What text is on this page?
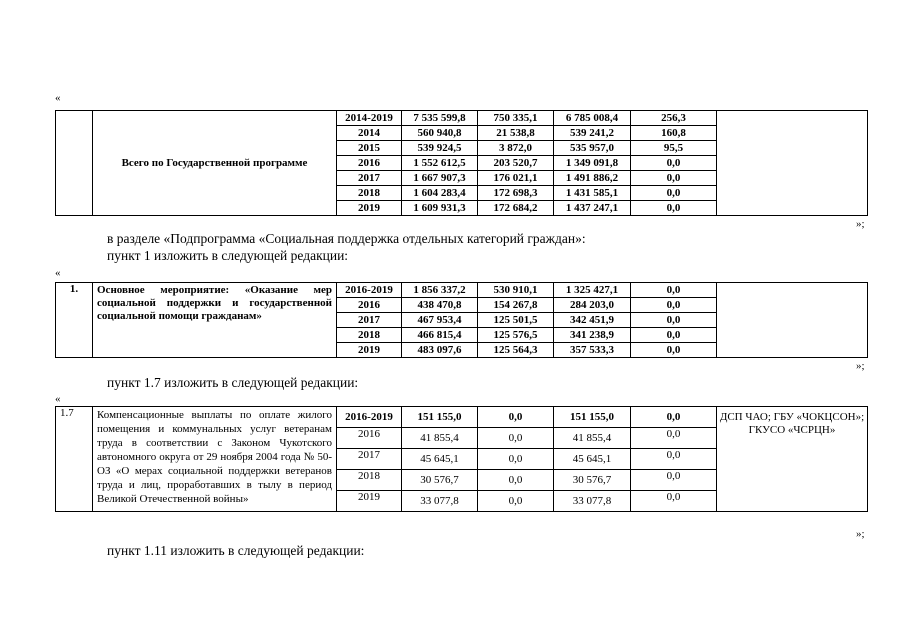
«
	Всего по Государственной программе	2014-2019	7 535 599,8	750 335,1	6 785 008,4	256,3	
		2014	560 940,8	21 538,8	539 241,2	160,8	
		2015	539 924,5	3 872,0	535 957,0	95,5	
		2016	1 552 612,5	203 520,7	1 349 091,8	0,0	
		2017	1 667 907,3	176 021,1	1 491 886,2	0,0	
		2018	1 604 283,4	172 698,3	1 431 585,1	0,0	
		2019	1 609 931,3	172 684,2	1 437 247,1	0,0	
»;
в разделе «Подпрограмма «Социальная поддержка отдельных категорий граждан»:
пункт 1 изложить в следующей редакции:
«
1.	Основное мероприятие: «Оказание мер социальной поддержки и государственной социальной помощи гражданам»	2016-2019	1 856 337,2	530 910,1	1 325 427,1	0,0	
		2016	438 470,8	154 267,8	284 203,0	0,0	
		2017	467 953,4	125 501,5	342 451,9	0,0	
		2018	466 815,4	125 576,5	341 238,9	0,0	
		2019	483 097,6	125 564,3	357 533,3	0,0	
»;
пункт 1.7 изложить в следующей редакции:
«
1.7	Компенсационные выплаты по оплате жилого помещения и коммунальных услуг ветеранам труда в соответствии с Законом Чукотского автономного округа от 29 ноября 2004 года № 50-ОЗ «О мерах социальной поддержки ветеранов труда и лиц, проработавших в тылу в период Великой Отечественной войны»	2016-2019	151 155,0	0,0	151 155,0	0,0	ДСП ЧАО; ГБУ «ЧОКЦСОН»; ГКУСО «ЧСРЦН»
		2016	41 855,4	0,0	41 855,4	0,0	
		2017	45 645,1	0,0	45 645,1	0,0	
		2018	30 576,7	0,0	30 576,7	0,0	
		2019	33 077,8	0,0	33 077,8	0,0	
»;
пункт 1.11 изложить в следующей редакции:
